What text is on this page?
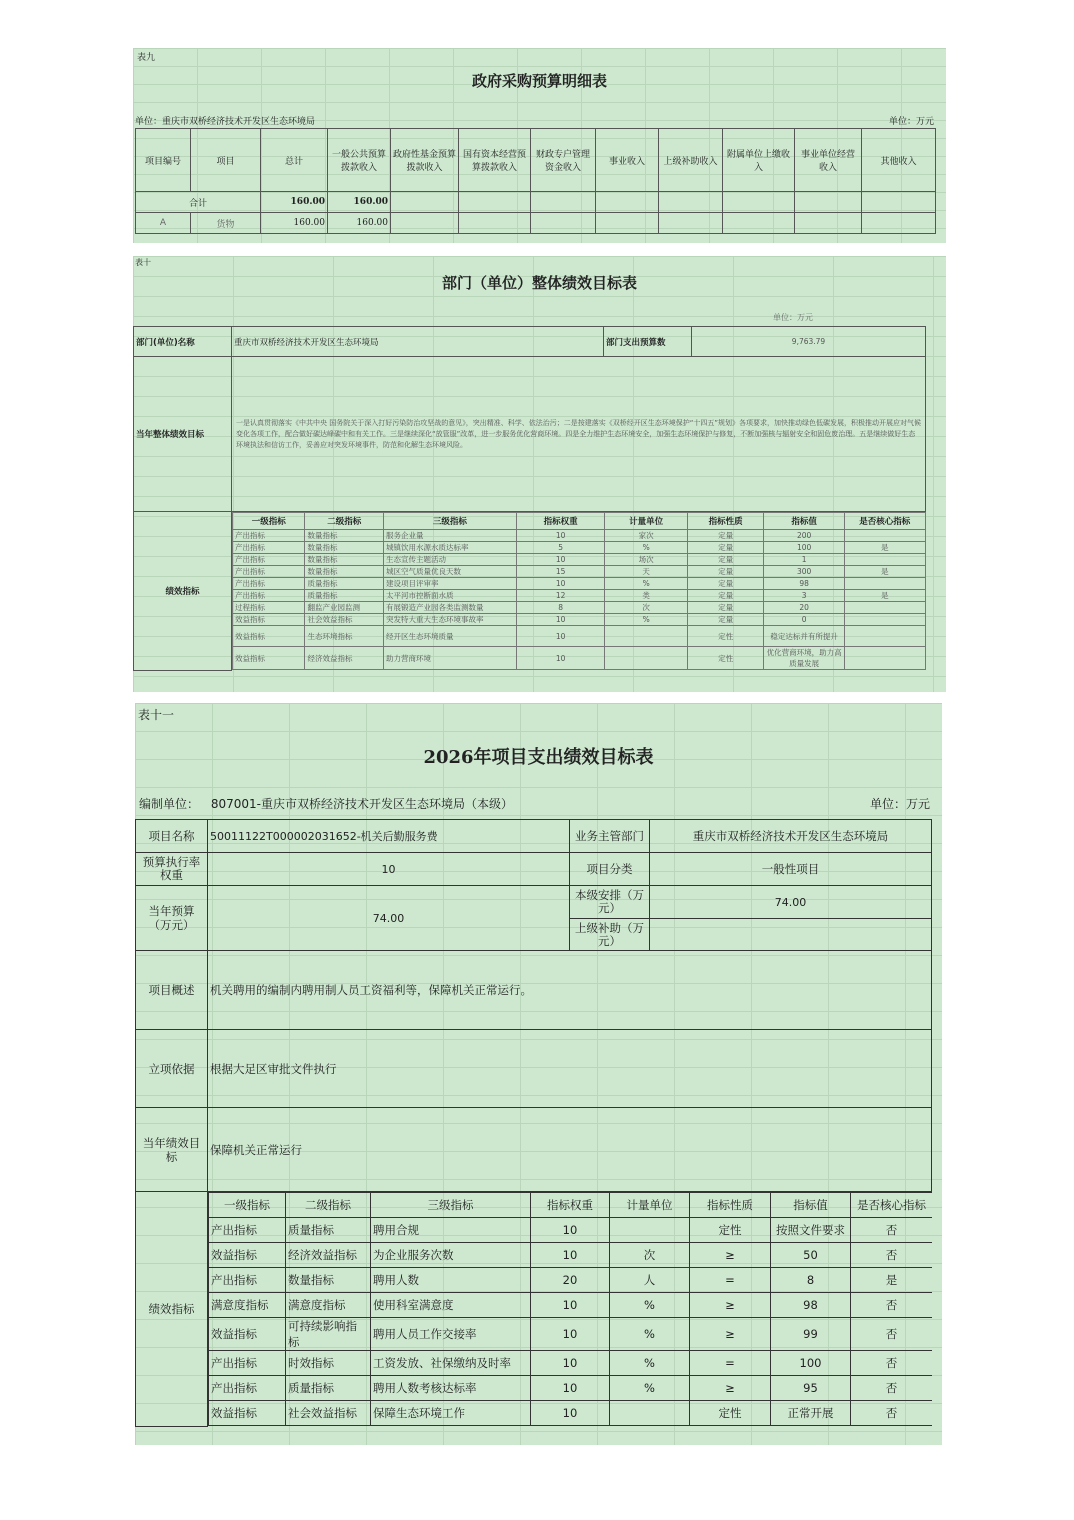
表九
政府采购预算明细表
单位：重庆市双桥经济技术开发区生态环境局	单位：万元
项目编号	项目	总计	一般公共预算拨款收入	政府性基金预算拨款收入	国有资本经营预算拨款收入	财政专户管理资金收入	事业收入	上级补助收入	附属单位上缴收入	事业单位经营收入	其他收入
合计		160.00	160.00								
A	货物	160.00	160.00								
表十
部门（单位）整体绩效目标表
单位：万元
部门(单位)名称	重庆市双桥经济技术开发区生态环境局	部门支出预算数	9,763.79
当年整体绩效目标	一是认真贯彻落实《中共中央 国务院关于深入打好污染防治攻坚战的意见》，突出精准、科学、依法治污；二是按建落实《双桥经开区生态环境保护“十四五”规划》各项要求，加快推动绿色低碳发展，积极推动开展应对气候变化各项工作，配合做好碳达峰碳中和有关工作。三是继续深化“放管服”改革，进一步服务优化营商环境。四是全力维护生态环境安全，加强生态环境保护与修复，不断加强核与辐射安全和固危废治理。五是继续做好生态环境执法和信访工作，妥善应对突发环境事件，防范和化解生态环境风险。
绩效指标	
一级指标	二级指标	三级指标	指标权重	计量单位	指标性质	指标值	是否核心指标
产出指标	数量指标	服务企业量	10	家次	定量	200	
产出指标	数量指标	城镇饮用水源水质达标率	5	%	定量	100	是
产出指标	数量指标	生态宣传主题活动	10	场次	定量	1	
产出指标	数量指标	城区空气质量优良天数	15	天	定量	300	是
产出指标	质量指标	建设项目评审率	10	%	定量	98	
产出指标	质量指标	太平河市控断面水质	12	类	定量	3	是
过程指标	翻监产业园监测	有展锻造产业园各类监测数量	8	次	定量	20	
效益指标	社会效益指标	突发特大重大生态环境事故率	10	%	定量	0	
效益指标	生态环境指标	经开区生态环境质量	10		定性	稳定达标并有所提升	
效益指标	经济效益指标	助力营商环境	10		定性	优化营商环境，助力高质量发展	
表十一
2026年项目支出绩效目标表
编制单位： 807001-重庆市双桥经济技术开发区生态环境局（本级）	单位：万元
项目名称	50011122T000002031652-机关后勤服务费	业务主管部门	重庆市双桥经济技术开发区生态环境局
预算执行率权重	10	项目分类	一般性项目
当年预算（万元）	74.00	本级安排（万元）	74.00
上级补助（万元）	
项目概述	机关聘用的编制内聘用制人员工资福利等，保障机关正常运行。
立项依据	根据大足区审批文件执行
当年绩效目标	保障机关正常运行
绩效指标	
一级指标	二级指标	三级指标	指标权重	计量单位	指标性质	指标值	是否核心指标
产出指标	质量指标	聘用合规	10		定性	按照文件要求	否
效益指标	经济效益指标	为企业服务次数	10	次	≥	50	否
产出指标	数量指标	聘用人数	20	人	=	8	是
满意度指标	满意度指标	使用科室满意度	10	%	≥	98	否
效益指标	可持续影响指标	聘用人员工作交接率	10	%	≥	99	否
产出指标	时效指标	工资发放、社保缴纳及时率	10	%	=	100	否
产出指标	质量指标	聘用人数考核达标率	10	%	≥	95	否
效益指标	社会效益指标	保障生态环境工作	10		定性	正常开展	否
